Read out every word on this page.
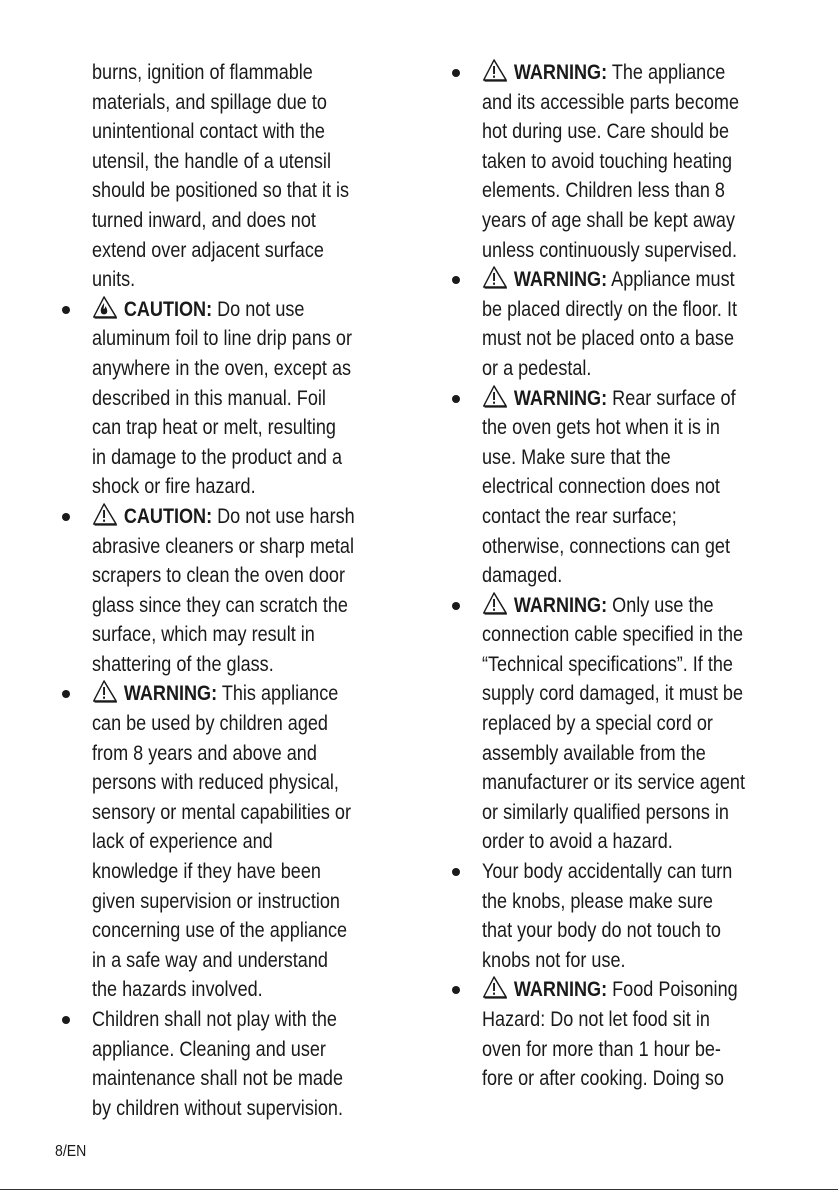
burns, ignition of flammable
materials, and spillage due to
unintentional contact with the
utensil, the handle of a utensil
should be positioned so that it is
turned inward, and does not
extend over adjacent surface
units.
CAUTION: Do not use
aluminum foil to line drip pans or
anywhere in the oven, except as
described in this manual. Foil
can trap heat or melt, resulting
in damage to the product and a
shock or fire hazard.
CAUTION: Do not use harsh
abrasive cleaners or sharp metal
scrapers to clean the oven door
glass since they can scratch the
surface, which may result in
shattering of the glass.
WARNING: This appliance
can be used by children aged
from 8 years and above and
persons with reduced physical,
sensory or mental capabilities or
lack of experience and
knowledge if they have been
given supervision or instruction
concerning use of the appliance
in a safe way and understand
the hazards involved.
Children shall not play with the
appliance. Cleaning and user
maintenance shall not be made
by children without supervision.
WARNING: The appliance
and its accessible parts become
hot during use. Care should be
taken to avoid touching heating
elements. Children less than 8
years of age shall be kept away
unless continuously supervised.
WARNING: Appliance must
be placed directly on the floor. It
must not be placed onto a base
or a pedestal.
WARNING: Rear surface of
the oven gets hot when it is in
use. Make sure that the
electrical connection does not
contact the rear surface;
otherwise, connections can get
damaged.
WARNING: Only use the
connection cable specified in the
“Technical specifications”. If the
supply cord damaged, it must be
replaced by a special cord or
assembly available from the
manufacturer or its service agent
or similarly qualified persons in
order to avoid a hazard.
Your body accidentally can turn
the knobs, please make sure
that your body do not touch to
knobs not for use.
WARNING: Food Poisoning
Hazard: Do not let food sit in
oven for more than 1 hour be-
fore or after cooking. Doing so
8/EN
